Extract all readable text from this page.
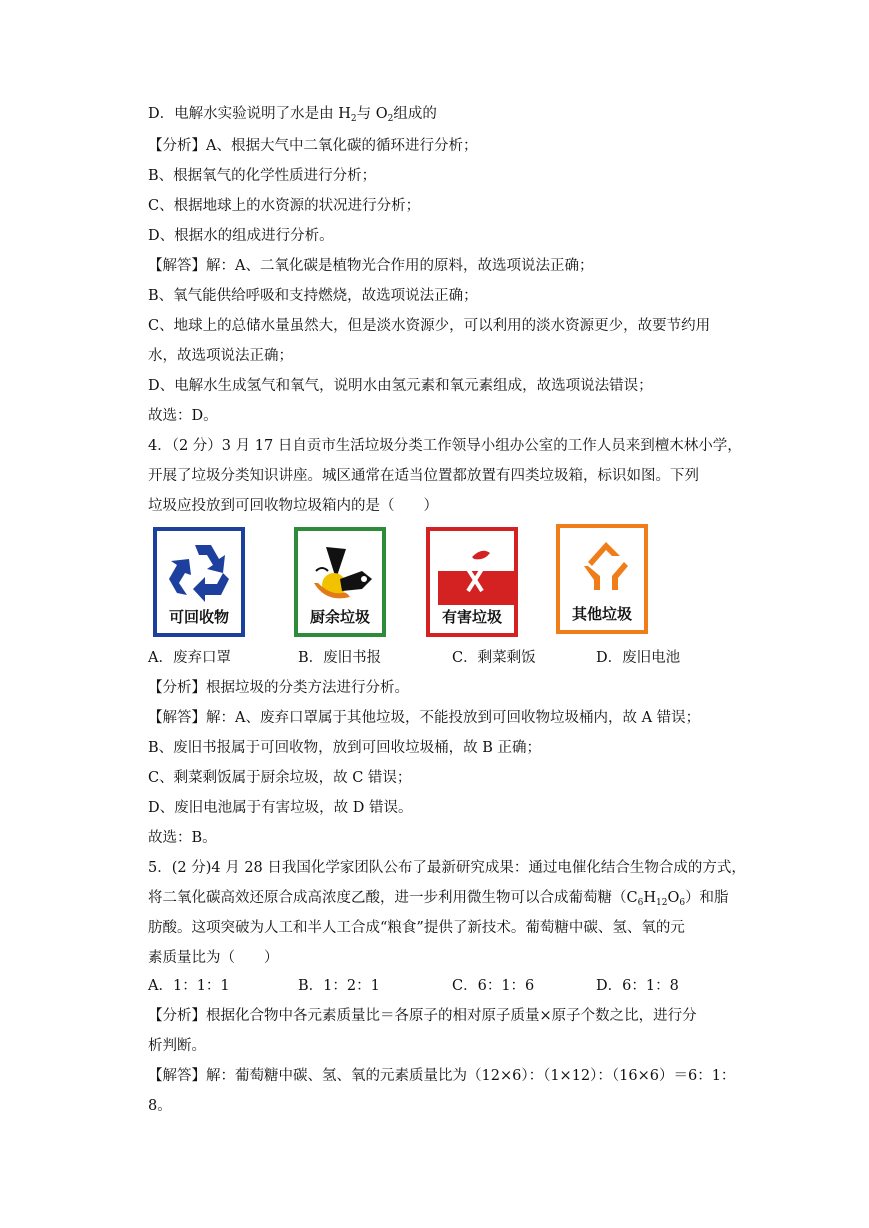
D．电解水实验说明了水是由 $H_2$与 $O_2$组成的
【分析】A、根据大气中二氧化碳的循环进行分析；
B、根据氧气的化学性质进行分析；
C、根据地球上的水资源的状况进行分析；
D、根据水的组成进行分析。
【解答】解：A、二氧化碳是植物光合作用的原料，故选项说法正确；
B、氧气能供给呼吸和支持燃烧，故选项说法正确；
C、地球上的总储水量虽然大，但是淡水资源少，可以利用的淡水资源更少，故要节约用
水，故选项说法正确；
D、电解水生成氢气和氧气，说明水由氢元素和氧元素组成，故选项说法错误；
故选：D。
4．（2 分）3 月 17 日自贡市生活垃圾分类工作领导小组办公室的工作人员来到檀木林小学，
开展了垃圾分类知识讲座。城区通常在适当位置都放置有四类垃圾箱，标识如图。下列
垃圾应投放到可回收物垃圾箱内的是（　　）
可回收物	厨余垃圾	有害垃圾	其他垃圾
A．废弃口罩	B．废旧书报	C．剩菜剩饭	D．废旧电池
【分析】根据垃圾的分类方法进行分析。
【解答】解：A、废弃口罩属于其他垃圾，不能投放到可回收物垃圾桶内，故 A 错误；
B、废旧书报属于可回收物，放到可回收垃圾桶，故 B 正确；
C、剩菜剩饭属于厨余垃圾，故 C 错误；
D、废旧电池属于有害垃圾，故 D 错误。
故选：B。
5．(2 分)4 月 28 日我国化学家团队公布了最新研究成果：通过电催化结合生物合成的方式，
将二氧化碳高效还原合成高浓度乙酸，进一步利用微生物可以合成葡萄糖$(C_6H_{12}O_6)$和脂
肪酸。这项突破为人工和半人工合成“粮食”提供了新技术。葡萄糖中碳、氢、氧的元
素质量比为（　　）
A．1：1：1	B．1：2：1	C．6：1：6	D．6：1：8
【分析】根据化合物中各元素质量比＝各原子的相对原子质量×原子个数之比，进行分
析判断。
【解答】解：葡萄糖中碳、氢、氧的元素质量比为（12×6）：（1×12）：（16×6）＝6：1：
8。
